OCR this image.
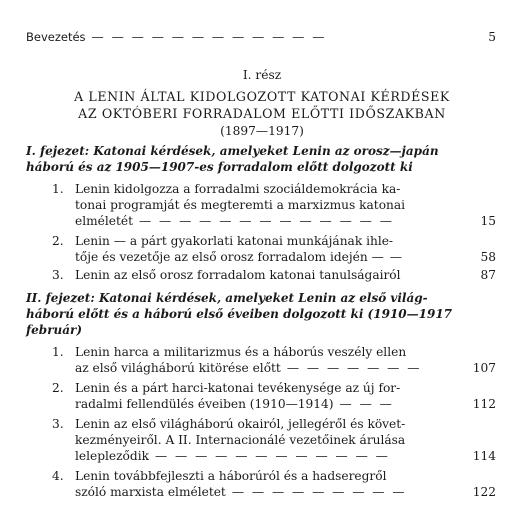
Bevezetés — — — — — — — — — — — —	5
I. rész
A LENIN ÁLTAL KIDOLGOZOTT KATONAI KÉRDÉSEK
AZ OKTÓBERI FORRADALOM ELŐTTI IDŐSZAKBAN
(1897—1917)
I. fejezet: Katonai kérdések, amelyeket Lenin az orosz—japán
háború és az 1905—1907-es forradalom előtt dolgozott ki
1. Lenin kidolgozza a forradalmi szociáldemokrácia ka-
tonai programját és megteremti a marxizmus katonai
elméletét — — — — — — — — — — — — —	15
2. Lenin — a párt gyakorlati katonai munkájának ihle-
tője és vezetője az első orosz forradalom idején — —	58
3. Lenin az első orosz forradalom katonai tanulságairól	87
II. fejezet: Katonai kérdések, amelyeket Lenin az első világ-
háború előtt és a háború első éveiben dolgozott ki (1910—1917
február)
1. Lenin harca a militarizmus és a háborús veszély ellen
az első világháború kitörése előtt — — — — — — —	107
2. Lenin és a párt harci-katonai tevékenysége az új for-
radalmi fellendülés éveiben (1910—1914) — — —	112
3. Lenin az első világháború okairól, jellegéről és követ-
kezményeiről. A II. Internacionálé vezetőinek árulása
lelepleződik — — — — — — — — — — — —	114
4. Lenin továbbfejleszti a háborúról és a hadseregről
szóló marxista elméletet — — — — — — — — —	122
